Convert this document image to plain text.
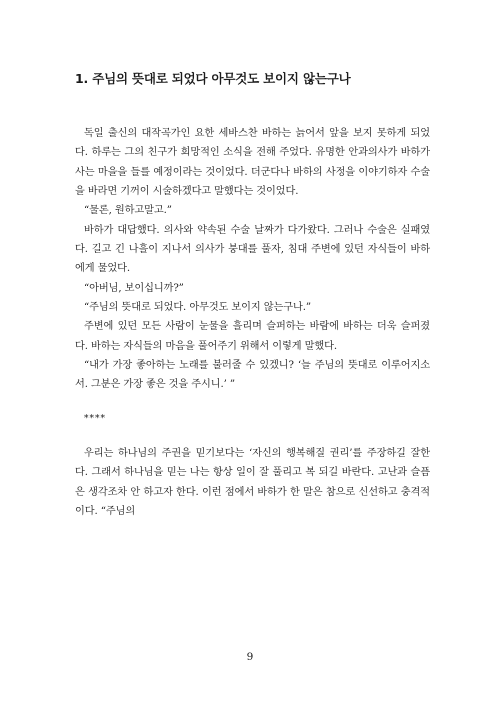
1. 주님의 뜻대로 되었다 아무것도 보이지 않는구나

독일 출신의 대작곡가인 요한 세바스찬 바하는 늙어서 앞을 보지 못하게 되었다. 하루는 그의 친구가 희망적인 소식을 전해 주었다. 유명한 안과의사가 바하가 사는 마을을 들를 예정이라는 것이었다. 더군다나 바하의 사정을 이야기하자 수술을 바라면 기꺼이 시술하겠다고 말했다는 것이었다.

“물론, 원하고말고.”

바하가 대답했다. 의사와 약속된 수술 날짜가 다가왔다. 그러나 수술은 실패였다. 길고 긴 나흘이 지나서 의사가 붕대를 풀자, 침대 주변에 있던 자식들이 바하에게 물었다.

“아버님, 보이십니까?”

“주님의 뜻대로 되었다. 아무것도 보이지 않는구나.”

주변에 있던 모든 사람이 눈물을 흘리며 슬퍼하는 바람에 바하는 더욱 슬퍼졌다. 바하는 자식들의 마음을 풀어주기 위해서 이렇게 말했다.

“내가 가장 좋아하는 노래를 불러줄 수 있겠니? ‘늘 주님의 뜻대로 이루어지소서. 그분은 가장 좋은 것을 주시니.’ ”

****

우리는 하나님의 주권을 믿기보다는 ‘자신의 행복해질 권리’를 주장하길 잘한다. 그래서 하나님을 믿는 나는 항상 일이 잘 풀리고 복 되길 바란다. 고난과 슬픔은 생각조차 안 하고자 한다. 이런 점에서 바하가 한 말은 참으로 신선하고 충격적이다. “주님의

9
